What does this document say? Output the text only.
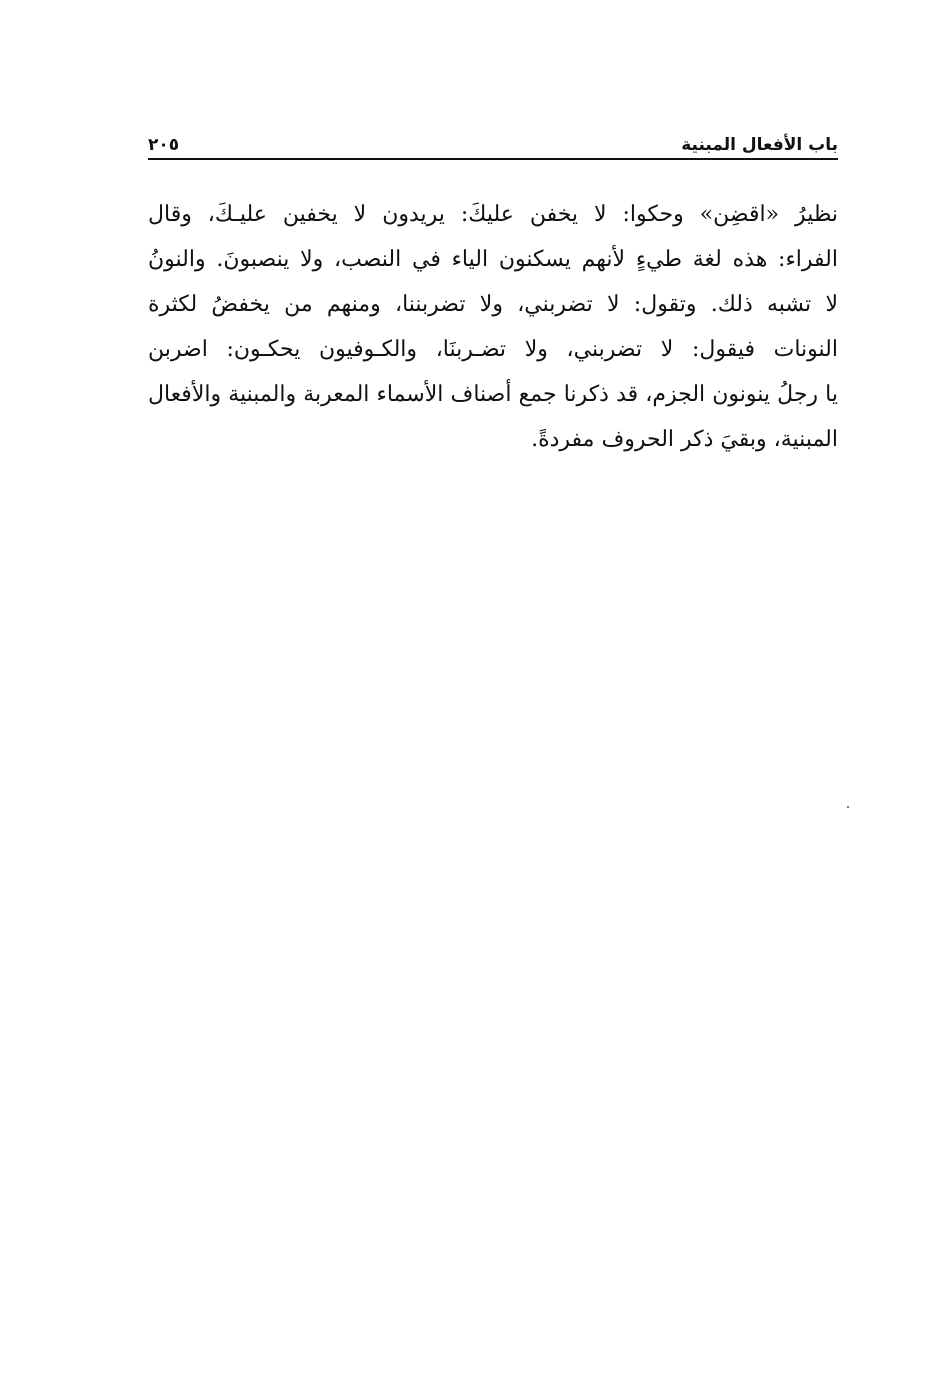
باب الأفعال المبنية
٢٠٥
نظيرُ «اقضِن» وحكوا: لا يخفن عليكَ: يريدون لا يخفين عليـكَ، وقال
الفراء: هذه لغة طيءٍ لأنهم يسكنون الياء في النصب، ولا ينصبونَ. والنونُ
لا تشبه ذلك. وتقول: لا تضربني، ولا تضربننا، ومنهم من يخفضُ لكثرة
النونات فيقول: لا تضربني، ولا تضـربنَا، والكـوفيون يحكـون: اضربن
يا رجلُ ينونون الجزم، قد ذكرنا جمع أصناف الأسماء المعربة والمبنية والأفعال
المبنية، وبقيَ ذكر الحروف مفردةً.
